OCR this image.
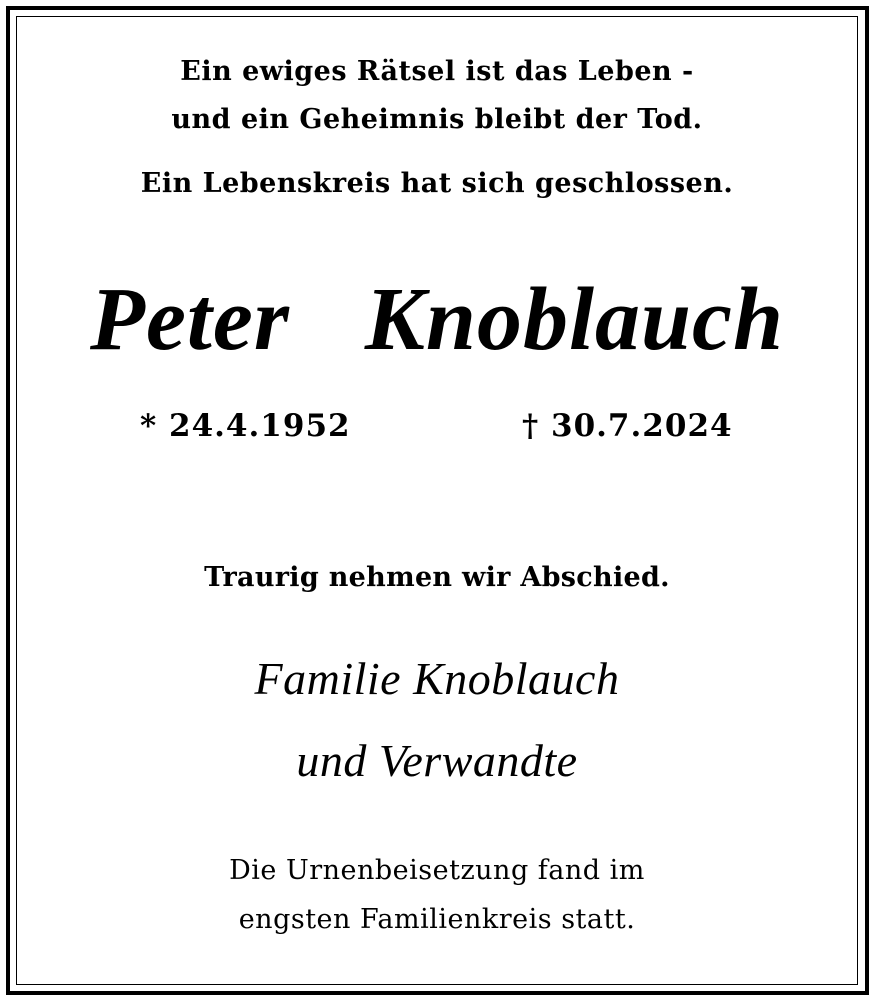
Ein ewiges Rätsel ist das Leben -
und ein Geheimnis bleibt der Tod.
Ein Lebenskreis hat sich geschlossen.
Peter  Knoblauch
* 24.4.1952	† 30.7.2024
Traurig nehmen wir Abschied.
Familie Knoblauch
und Verwandte
Die Urnenbeisetzung fand im
engsten Familienkreis statt.
